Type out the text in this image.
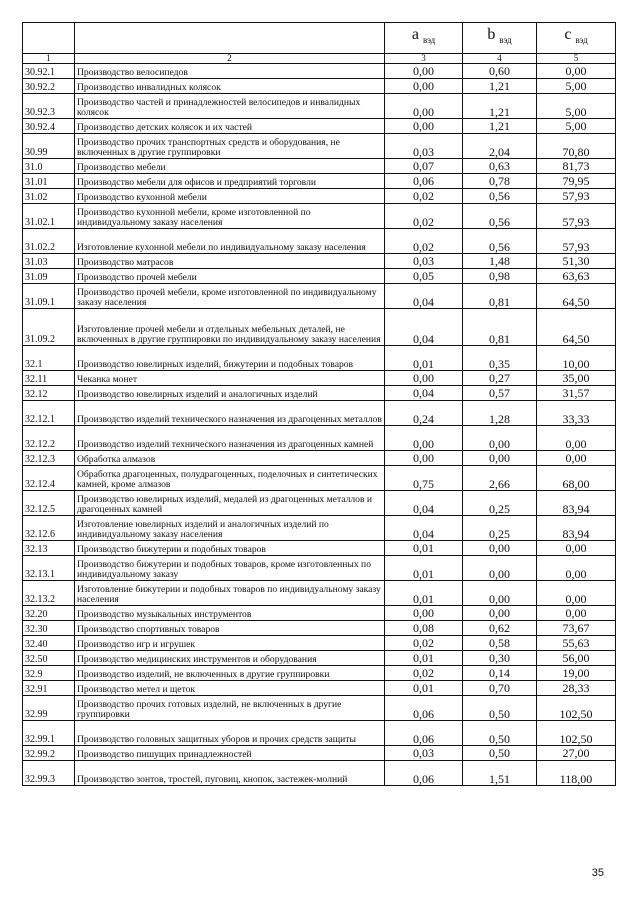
		a $_{вэд}$	b $_{вэд}$	c $_{вэд}$
1	2	3	4	5
30.92.1	Производство велосипедов	0,00	0,60	0,00
30.92.2	Производство инвалидных колясок	0,00	1,21	5,00
30.92.3	Производство частей и принадлежностей велосипедов и инвалидных колясок	0,00	1,21	5,00
30.92.4	Производство детских колясок и их частей	0,00	1,21	5,00
30.99	Производство прочих транспортных средств и оборудования, не включенных в другие группировки	0,03	2,04	70,80
31.0	Производство мебели	0,07	0,63	81,73
31.01	Производство мебели для офисов и предприятий торговли	0,06	0,78	79,95
31.02	Производство кухонной мебели	0,02	0,56	57,93
31.02.1	Производство кухонной мебели, кроме изготовленной по индивидуальному заказу населения	0,02	0,56	57,93
31.02.2	Изготовление кухонной мебели по индивидуальному заказу населения	0,02	0,56	57,93
31.03	Производство матрасов	0,03	1,48	51,30
31.09	Производство прочей мебели	0,05	0,98	63,63
31.09.1	Производство прочей мебели, кроме изготовленной по индивидуальному заказу населения	0,04	0,81	64,50
31.09.2	Изготовление прочей мебели и отдельных мебельных деталей, не включенных в другие группировки по индивидуальному заказу населения	0,04	0,81	64,50
32.1	Производство ювелирных изделий, бижутерии и подобных товаров	0,01	0,35	10,00
32.11	Чеканка монет	0,00	0,27	35,00
32.12	Производство ювелирных изделий и аналогичных изделий	0,04	0,57	31,57
32.12.1	Производство изделий технического назначения из драгоценных металлов	0,24	1,28	33,33
32.12.2	Производство изделий технического назначения из драгоценных камней	0,00	0,00	0,00
32.12.3	Обработка алмазов	0,00	0,00	0,00
32.12.4	Обработка драгоценных, полудрагоценных, поделочных и синтетических камней, кроме алмазов	0,75	2,66	68,00
32.12.5	Производство ювелирных изделий, медалей из драгоценных металлов и драгоценных камней	0,04	0,25	83,94
32.12.6	Изготовление ювелирных изделий и аналогичных изделий по индивидуальному заказу населения	0,04	0,25	83,94
32.13	Производство бижутерии и подобных товаров	0,01	0,00	0,00
32.13.1	Производство бижутерии и подобных товаров, кроме изготовленных по индивидуальному заказу	0,01	0,00	0,00
32.13.2	Изготовление бижутерии и подобных товаров по индивидуальному заказу населения	0,01	0,00	0,00
32.20	Производство музыкальных инструментов	0,00	0,00	0,00
32.30	Производство спортивных товаров	0,08	0,62	73,67
32.40	Производство игр и игрушек	0,02	0,58	55,63
32.50	Производство медицинских инструментов и оборудования	0,01	0,30	56,00
32.9	Производство изделий, не включенных в другие группировки	0,02	0,14	19,00
32.91	Производство метел и щеток	0,01	0,70	28,33
32.99	Производство прочих готовых изделий, не включенных в другие группировки	0,06	0,50	102,50
32.99.1	Производство головных защитных уборов и прочих средств защиты	0,06	0,50	102,50
32.99.2	Производство пишущих принадлежностей	0,03	0,50	27,00
32.99.3	Производство зонтов, тростей, пуговиц, кнопок, застежек-молний	0,06	1,51	118,00
35
